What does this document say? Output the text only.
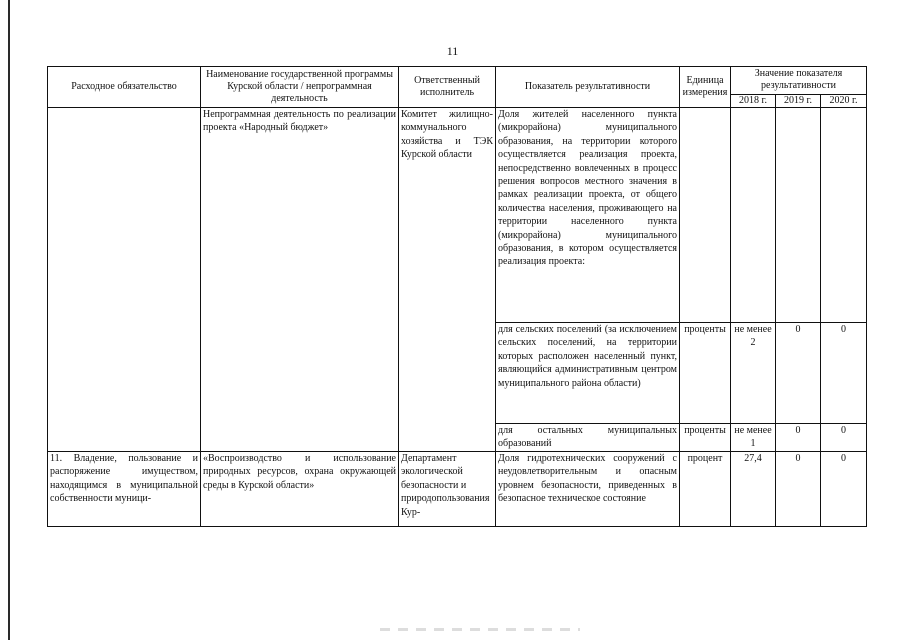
11
Расходное обязательство	Наименование государственной программы Курской области / непрограммная деятельность	Ответственный исполнитель	Показатель результативности	Единица измерения	Значение показателя результативности		
					2018 г.	2019 г.	2020 г.
	Непрограммная деятельность по реализации проекта «Народный бюджет»	Комитет жилищно-коммунального хозяйства и ТЭК Курской области	Доля жителей населенного пункта (микрорайона) муниципального образования, на территории которого осуществляется реализация проекта, непосредственно вовлеченных в процесс решения вопросов местного значения в рамках реализации проекта, от общего количества населения, проживающего на территории населенного пункта (микрорайона) муниципального образования, в котором осуществляется реализация проекта:				
			для сельских поселений (за исключением сельских поселений, на территории которых расположен населенный пункт, являющийся административным центром муниципального района области)	проценты	не менее 2	0	0
			для остальных муниципальных образований	проценты	не менее 1	0	0
11. Владение, пользование и распоряжение имуществом, находящимся в муниципальной собственности муници-	«Воспроизводство и использование природных ресурсов, охрана окружающей среды в Курской области»	Департамент экологической безопасности и природопользования Кур-	Доля гидротехнических сооружений с неудовлетворительным и опасным уровнем безопасности, приведенных в безопасное техническое состояние	процент	27,4	0	0
